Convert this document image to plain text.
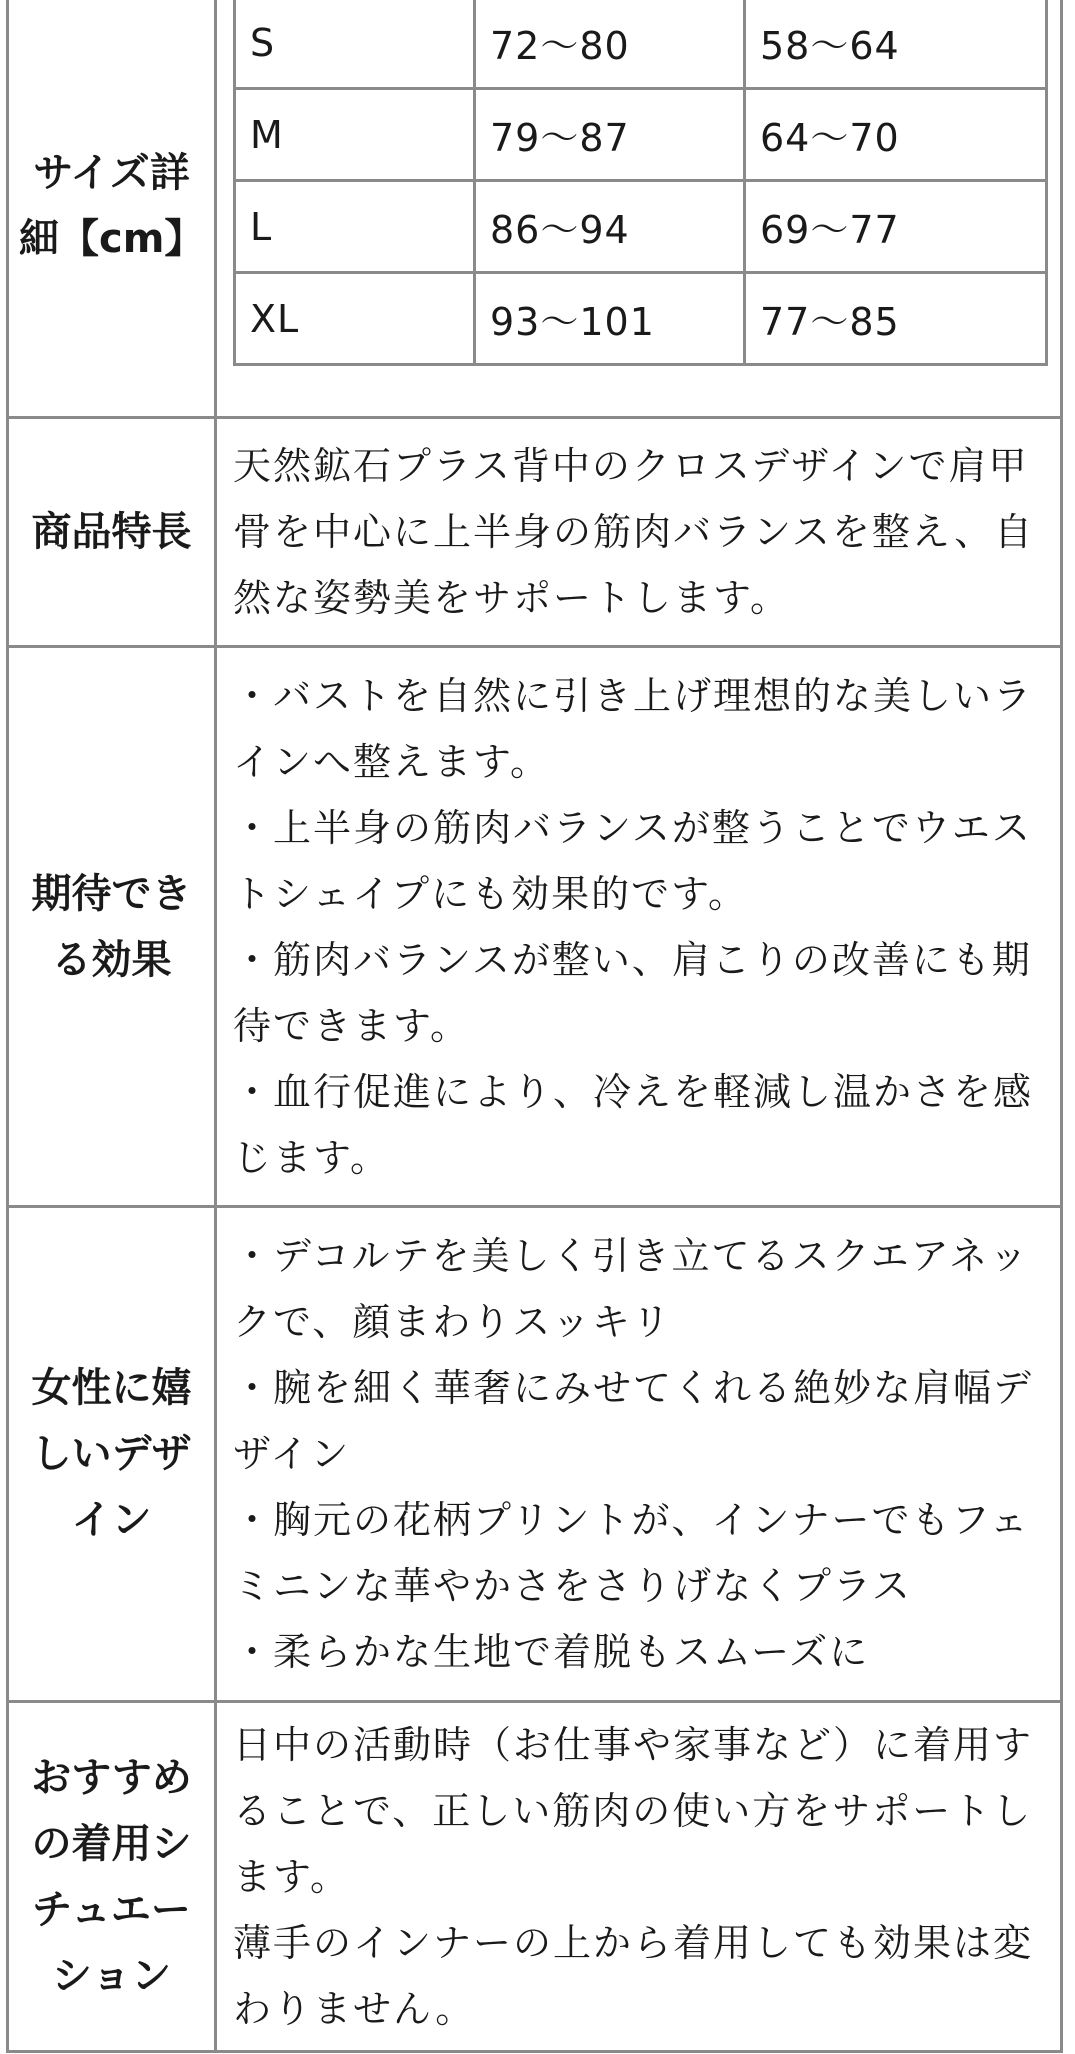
サイズ詳細【cm】	
S	72〜80	58〜64
M	79〜87	64〜70
L	86〜94	69〜77
XL	93〜101	77〜85

商品特長	
天然鉱石プラス背中のクロスデザインで肩甲骨を中心に上半身の筋肉バランスを整え、自然な姿勢美をサポートします。

期待できる効果	
・バストを自然に引き上げ理想的な美しいラインへ整えます。
・上半身の筋肉バランスが整うことでウエストシェイプにも効果的です。
・筋肉バランスが整い、肩こりの改善にも期待できます。
・血行促進により、冷えを軽減し温かさを感じます。

女性に嬉しいデザイン	
・デコルテを美しく引き立てるスクエアネックで、顔まわりスッキリ
・腕を細く華奢にみせてくれる絶妙な肩幅デザイン
・胸元の花柄プリントが、インナーでもフェミニンな華やかさをさりげなくプラス
・柔らかな生地で着脱もスムーズに

おすすめの着用シチュエーション	
日中の活動時（お仕事や家事など）に着用することで、正しい筋肉の使い方をサポートします。
薄手のインナーの上から着用しても効果は変わりません。
